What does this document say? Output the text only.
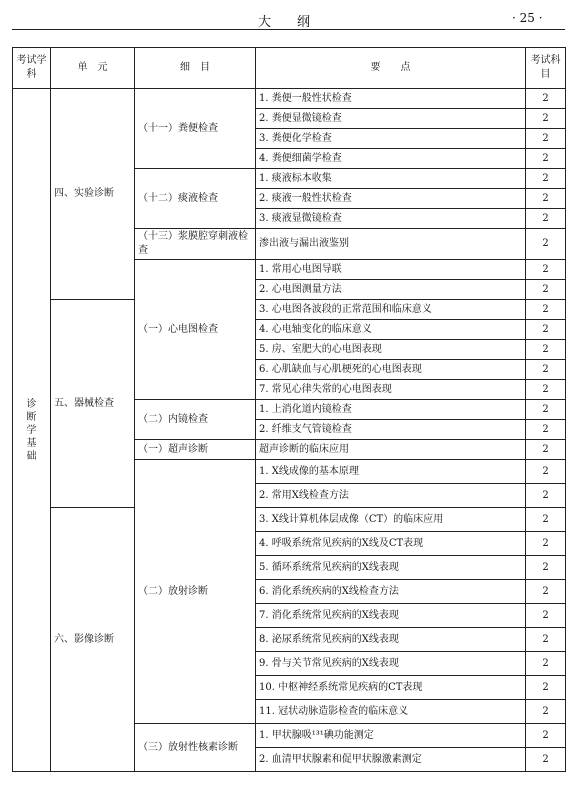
大纲	· 25 ·
考试学科	单　元	细　目	要　　点	考试科目

诊断学基础	四、实验诊断	（十一）粪便检查	1. 粪便一般性状检查	2
			2. 粪便显微镜检查	2
			3. 粪便化学检查	2
			4. 粪便细菌学检查	2
		（十二）痰液检查	1. 痰液标本收集	2
			2. 痰液一般性状检查	2
			3. 痰液显微镜检查	2
		（十三）浆膜腔穿刺液检查	渗出液与漏出液鉴别	2
		（一）心电图检查	1. 常用心电图导联	2
			2. 心电图测量方法	2
	五、器械检查		3. 心电图各波段的正常范围和临床意义	2
			4. 心电轴变化的临床意义	2
			5. 房、室肥大的心电图表现	2
			6. 心肌缺血与心肌梗死的心电图表现	2
			7. 常见心律失常的心电图表现	2
		（二）内镜检查	1. 上消化道内镜检查	2
			2. 纤维支气管镜检查	2
		（一）超声诊断	超声诊断的临床应用	2
		（二）放射诊断	1. X线成像的基本原理	2
			2. 常用X线检查方法	2
	六、影像诊断		3. X线计算机体层成像（CT）的临床应用	2
			4. 呼吸系统常见疾病的X线及CT表现	2
			5. 循环系统常见疾病的X线表现	2
			6. 消化系统疾病的X线检查方法	2
			7. 消化系统常见疾病的X线表现	2
			8. 泌尿系统常见疾病的X线表现	2
			9. 骨与关节常见疾病的X线表现	2
			10. 中枢神经系统常见疾病的CT表现	2
			11. 冠状动脉造影检查的临床意义	2
		（三）放射性核素诊断	1. 甲状腺吸¹³¹碘功能测定	2
			2. 血清甲状腺素和促甲状腺激素测定	2
